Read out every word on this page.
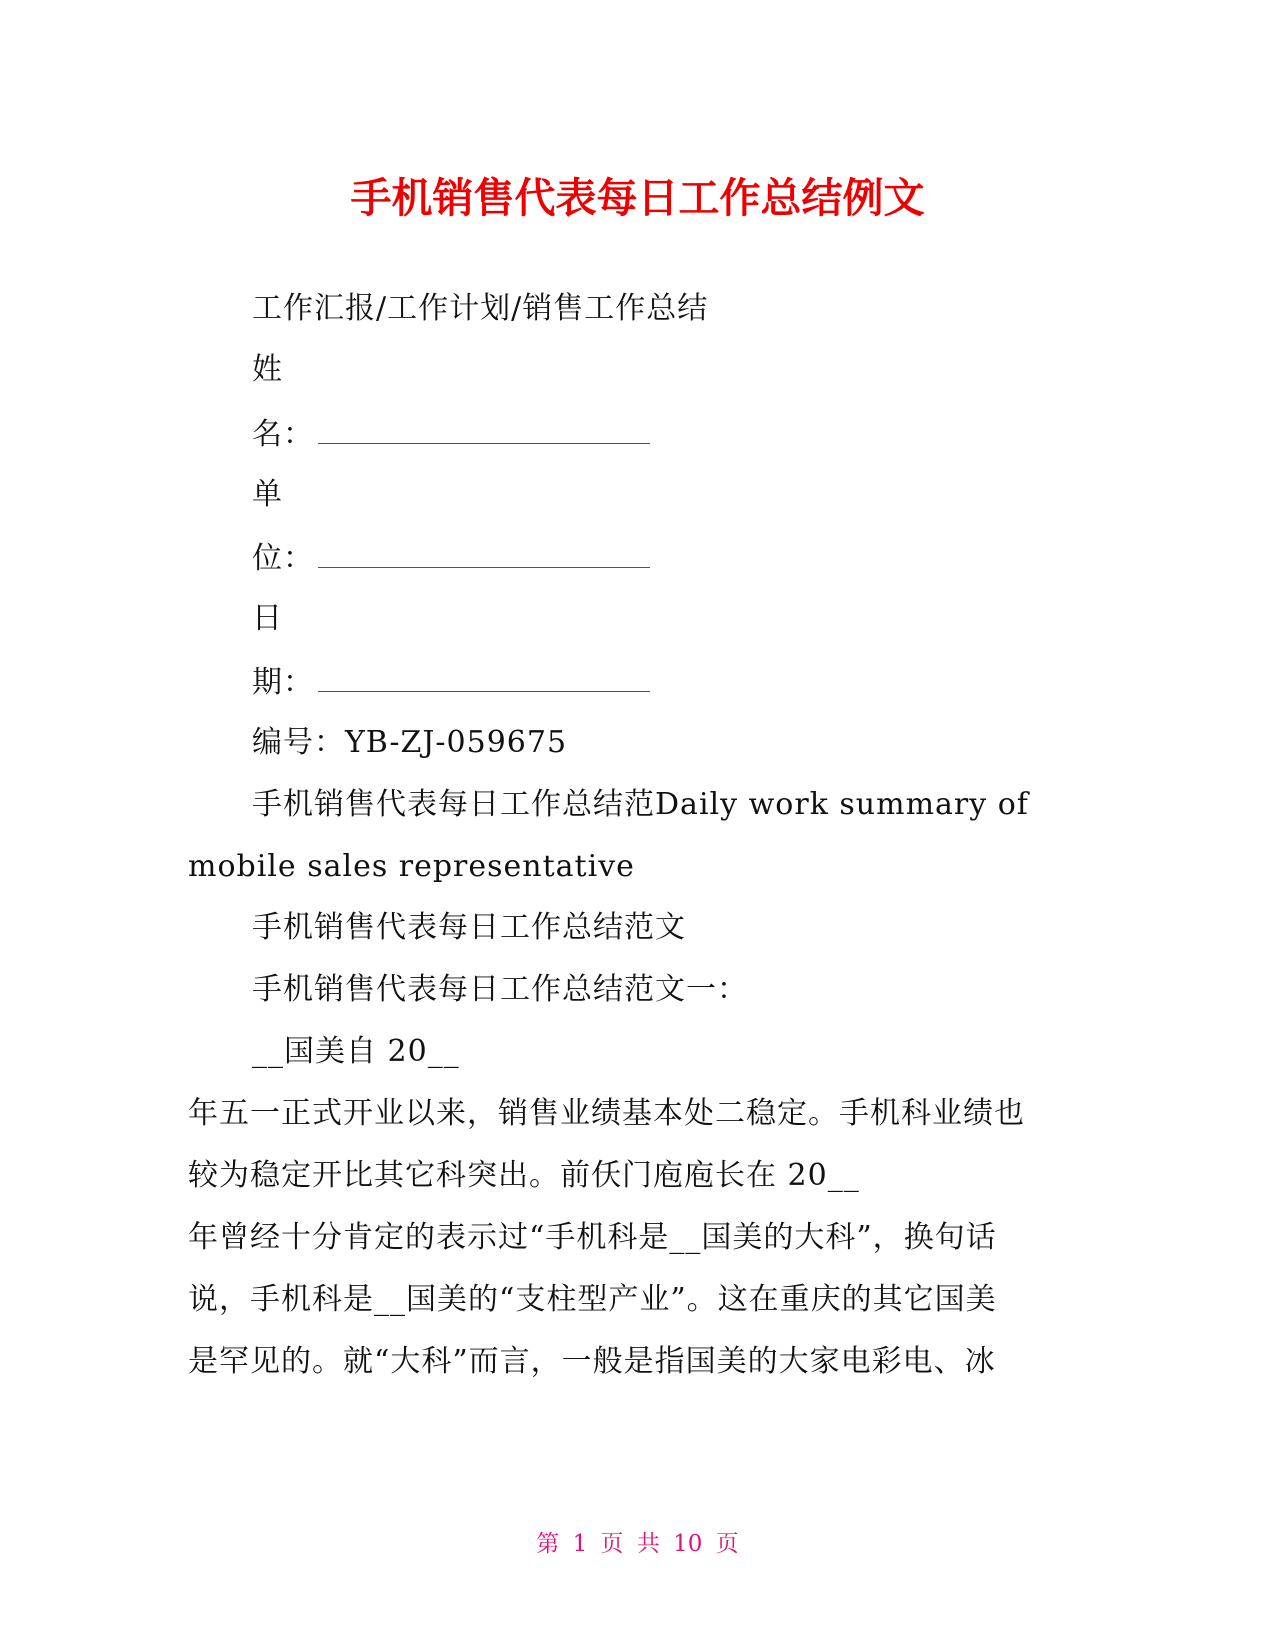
手机销售代表每日工作总结例文
工作汇报/工作计划/销售工作总结
姓
名：
单
位：
日
期：
编号：YB-ZJ-059675
手机销售代表每日工作总结范Daily work summary of
mobile sales representative
手机销售代表每日工作总结范文
手机销售代表每日工作总结范文一：
__国美自 20__
年五一正式开业以来，销售业绩基本处二稳定。手机科业绩也
较为稳定开比其它科突出。前仸门庖庖长在 20__
年曾经十分肯定的表示过“手机科是__国美的大科”，换句话
说，手机科是__国美的“支柱型产业”。这在重庆的其它国美
是罕见的。就“大科”而言，一般是指国美的大家电彩电、冰
第 1 页 共 10 页
